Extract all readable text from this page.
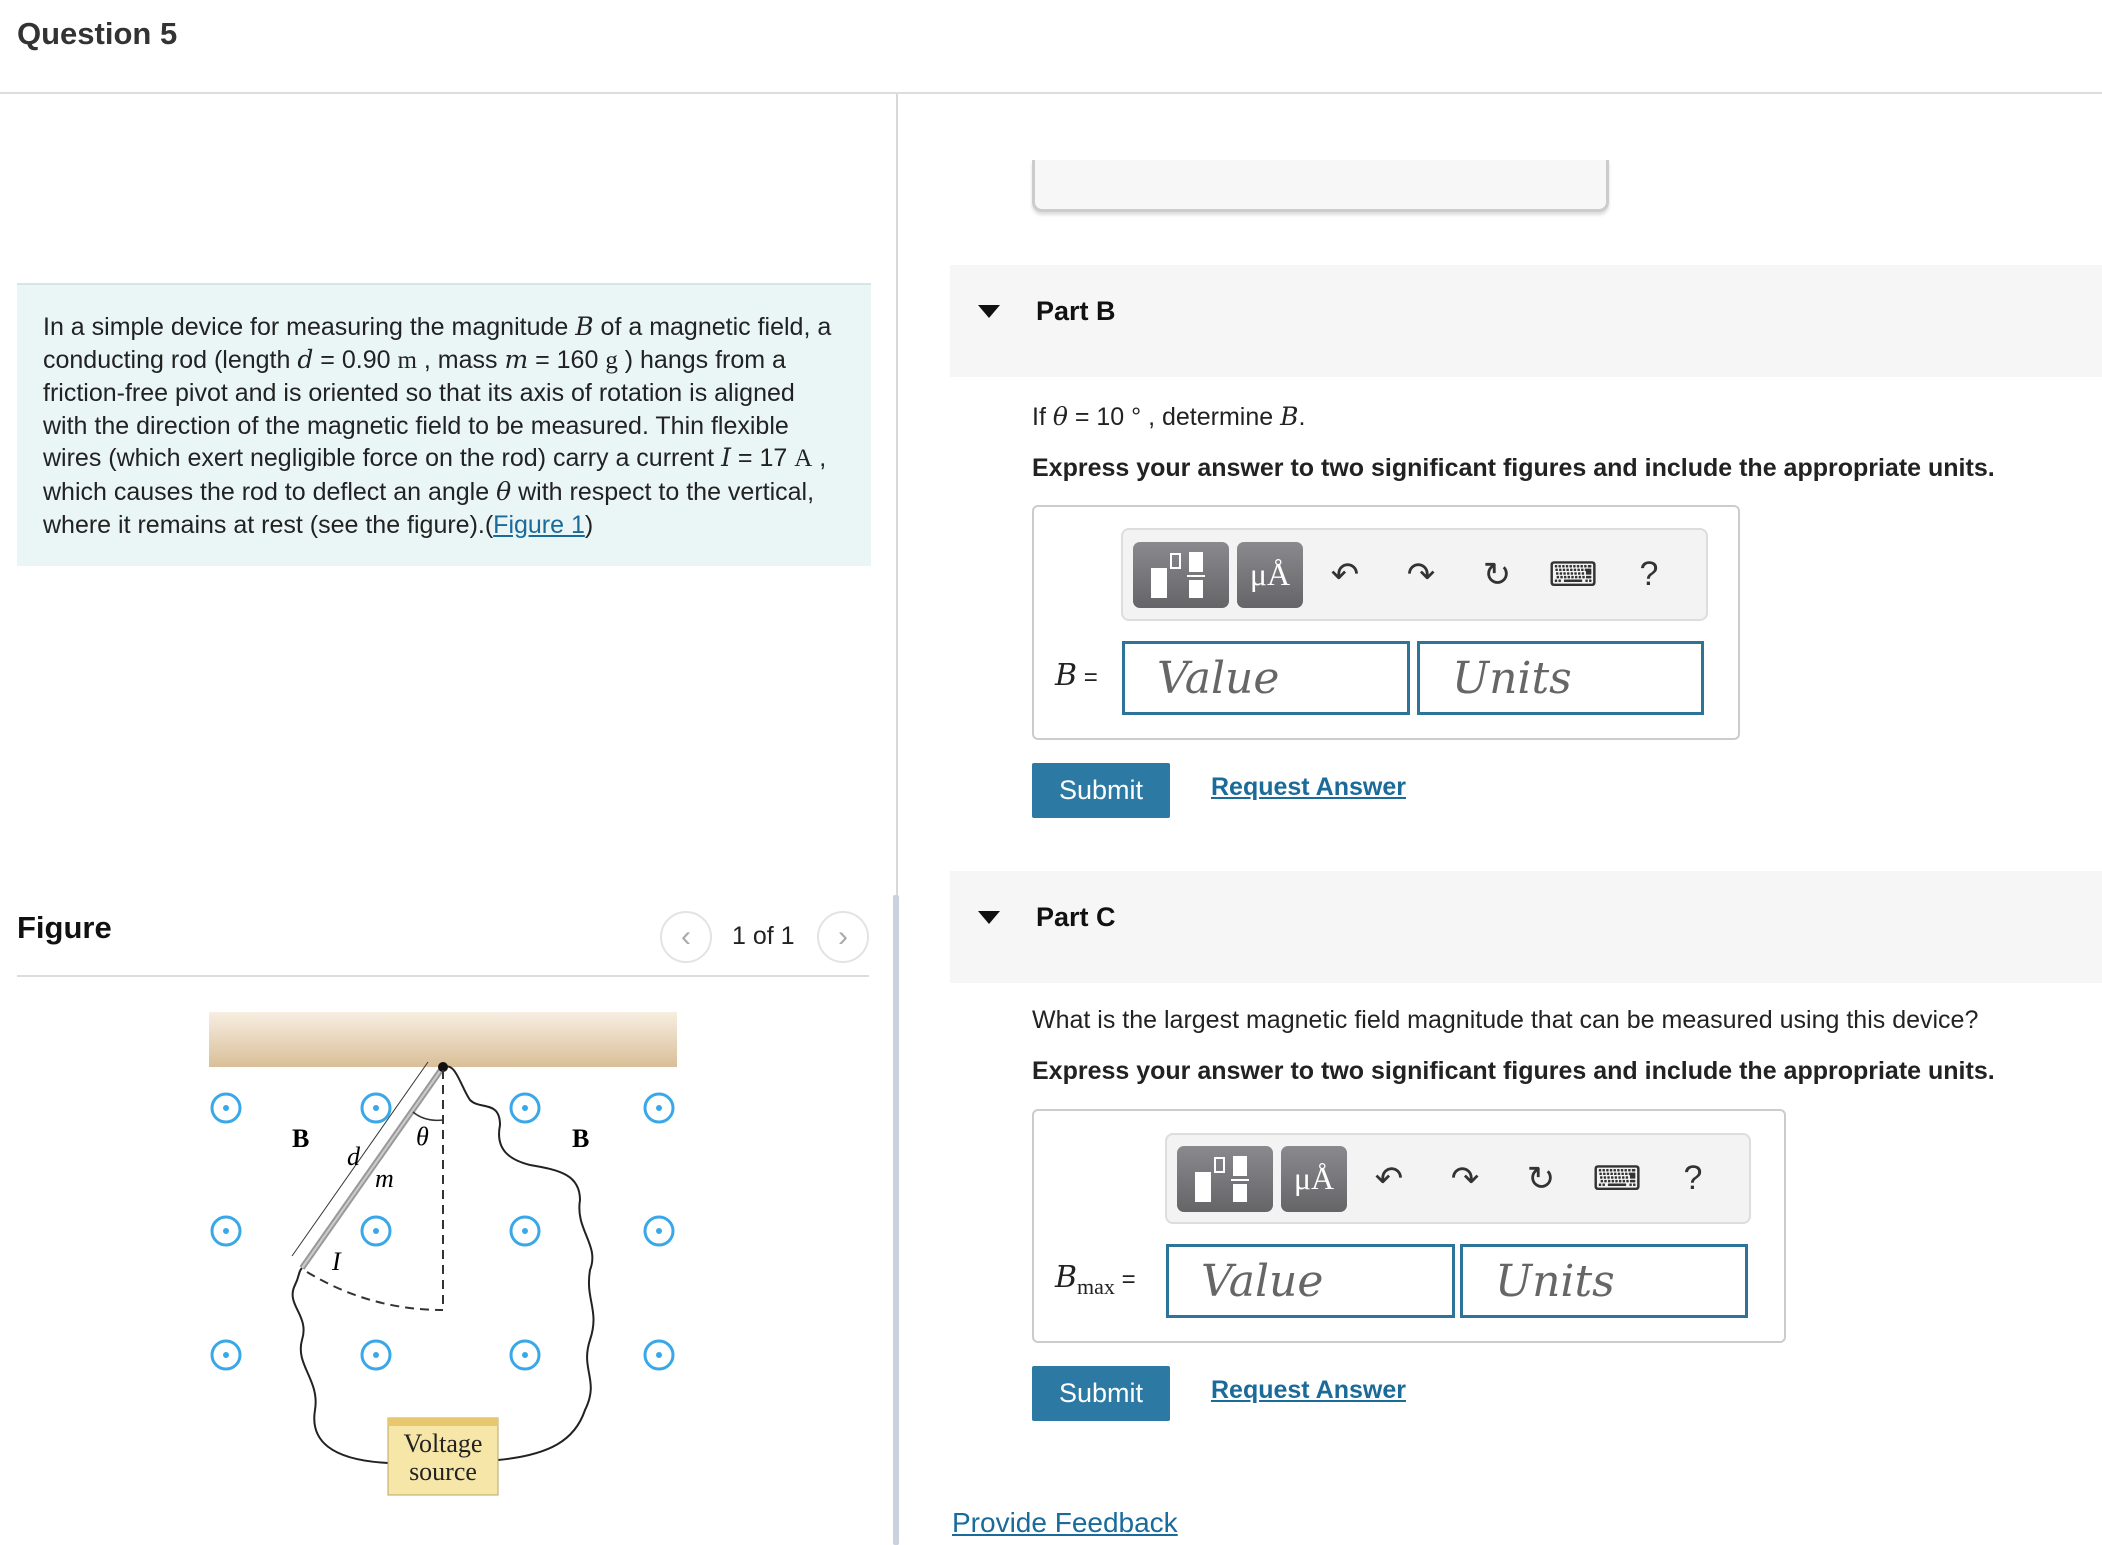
Question 5
In a simple device for measuring the magnitude B of a magnetic field, a conducting rod (length d = 0.90 m , mass m = 160 g ) hangs from a friction-free pivot and is oriented so that its axis of rotation is aligned with the direction of the magnetic field to be measured. Thin flexible wires (which exert negligible force on the rod) carry a current I = 17 A , which causes the rod to deflect an angle θ with respect to the vertical, where it remains at rest (see the figure).(Figure 1)
Figure	‹ 1 of 1 ›
B	B
θ
d
m
I
Voltage
source
Part B
If θ = 10 ° , determine B.
Express your answer to two significant figures and include the appropriate units.
μÅ ↶ ↷ ↻ ⌨ ?
B =	Value	Units
Submit	Request Answer
Part C
What is the largest magnetic field magnitude that can be measured using this device?
Express your answer to two significant figures and include the appropriate units.
μÅ ↶ ↷ ↻ ⌨ ?
$B_{max}$ =	Value	Units
Submit	Request Answer
Provide Feedback
